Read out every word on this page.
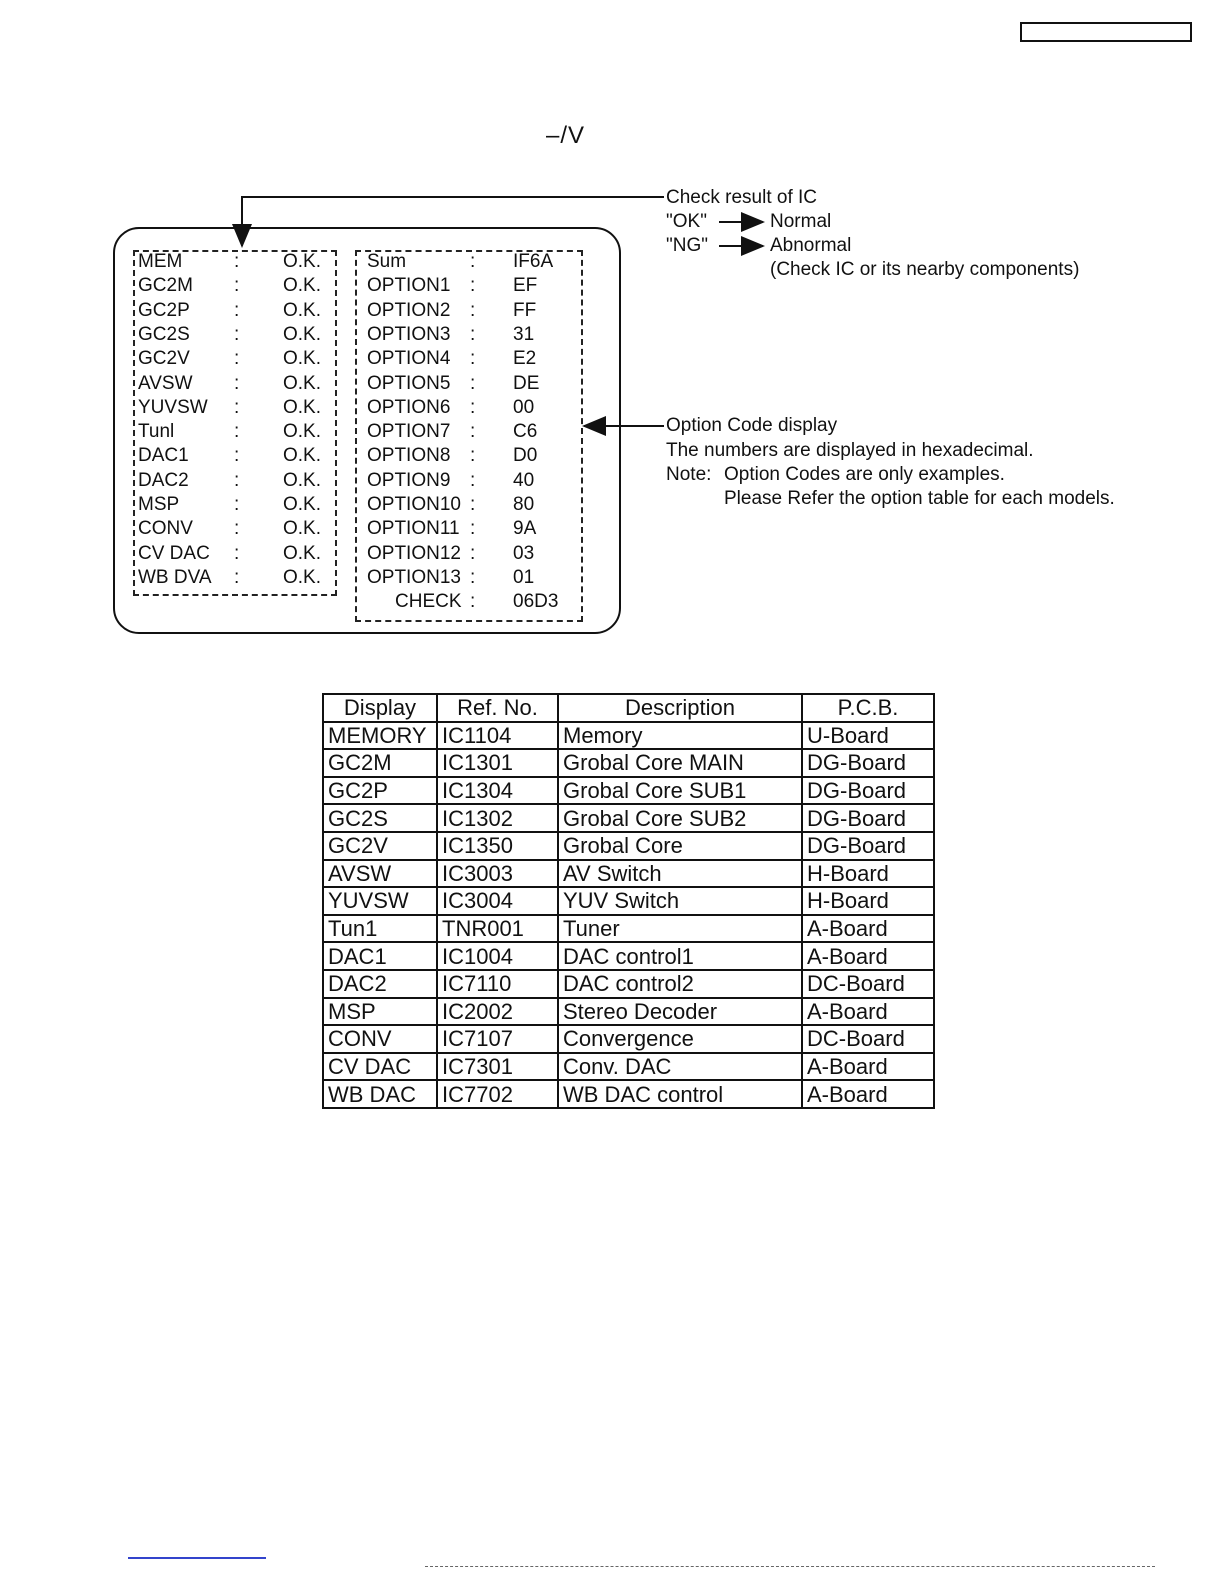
–/V
MEM	: O.K.
GC2M : O.K.
GC2P : O.K.
GC2S : O.K.
GC2V : O.K.
AVSW : O.K.
YUVSW : O.K.
Tunl	: O.K.
DAC1 : O.K.
DAC2 : O.K.
MSP	: O.K.
CONV : O.K.
CV DAC : O.K.
WB DVA : O.K.
Sum	: IF6A
OPTION1 : EF
OPTION2 : FF
OPTION3 : 31
OPTION4 : E2
OPTION5 : DE
OPTION6 : 00
OPTION7 : C6
OPTION8 : D0
OPTION9 : 40
OPTION10 : 80
OPTION11 : 9A
OPTION12 : 03
OPTION13 : 01
CHECK : 06D3
Check result of IC
"OK"	Normal
"NG"	Abnormal
(Check IC or its nearby components)
Option Code display
The numbers are displayed in hexadecimal.
Note: Option Codes are only examples.
Please Refer the option table for each models.
Display	Ref. No.	Description	P.C.B.
MEMORY	IC1104	Memory	U-Board
GC2M	IC1301	Grobal Core MAIN	DG-Board
GC2P	IC1304	Grobal Core SUB1	DG-Board
GC2S	IC1302	Grobal Core SUB2	DG-Board
GC2V	IC1350	Grobal Core	DG-Board
AVSW	IC3003	AV Switch	H-Board
YUVSW	IC3004	YUV Switch	H-Board
Tun1	TNR001	Tuner	A-Board
DAC1	IC1004	DAC control1	A-Board
DAC2	IC7110	DAC control2	DC-Board
MSP	IC2002	Stereo Decoder	A-Board
CONV	IC7107	Convergence	DC-Board
CV DAC	IC7301	Conv. DAC	A-Board
WB DAC	IC7702	WB DAC control	A-Board
